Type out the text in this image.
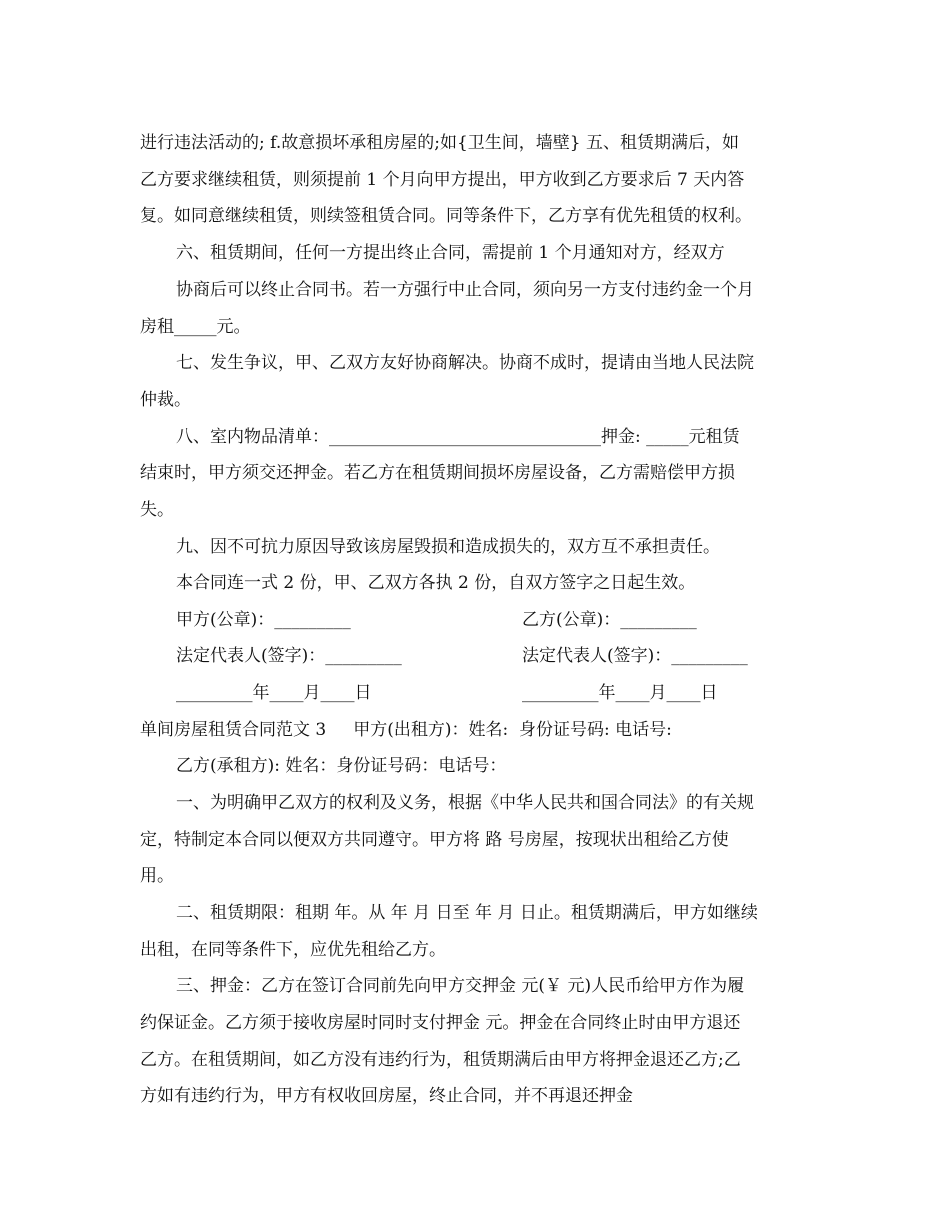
进行违法活动的; f.故意损坏承租房屋的;如{卫生间，墙壁} 五、租赁期满后，如
乙方要求继续租赁，则须提前 1 个月向甲方提出，甲方收到乙方要求后 7 天内答
复。如同意继续租赁，则续签租赁合同。同等条件下，乙方享有优先租赁的权利。
六、租赁期间，任何一方提出终止合同，需提前 1 个月通知对方，经双方
协商后可以终止合同书。若一方强行中止合同，须向另一方支付违约金一个月
房租_____元。
七、发生争议，甲、乙双方友好协商解决。协商不成时，提请由当地人民法院
仲裁。
八、室内物品清单：________________________________押金: _____元租赁
结束时，甲方须交还押金。若乙方在租赁期间损坏房屋设备，乙方需赔偿甲方损
失。
九、因不可抗力原因导致该房屋毁损和造成损失的，双方互不承担责任。
本合同连一式 2 份，甲、乙双方各执 2 份，自双方签字之日起生效。
甲方(公章)：_________	乙方(公章)：_________
法定代表人(签字)：_________	法定代表人(签字)：_________
_________年____月____日	_________年____月____日
单间房屋租赁合同范文 3     甲方(出租方)：姓名:  身份证号码: 电话号:
乙方(承租方): 姓名：身份证号码：电话号：
一、为明确甲乙双方的权利及义务，根据《中华人民共和国合同法》的有关规
定，特制定本合同以便双方共同遵守。甲方将 路 号房屋，按现状出租给乙方使
用。
二、租赁期限：租期 年。从 年 月 日至 年 月 日止。租赁期满后，甲方如继续
出租，在同等条件下，应优先租给乙方。
三、押金：乙方在签订合同前先向甲方交押金 元(￥ 元)人民币给甲方作为履
约保证金。乙方须于接收房屋时同时支付押金 元。押金在合同终止时由甲方退还
乙方。在租赁期间，如乙方没有违约行为，租赁期满后由甲方将押金退还乙方;乙
方如有违约行为，甲方有权收回房屋，终止合同，并不再退还押金
